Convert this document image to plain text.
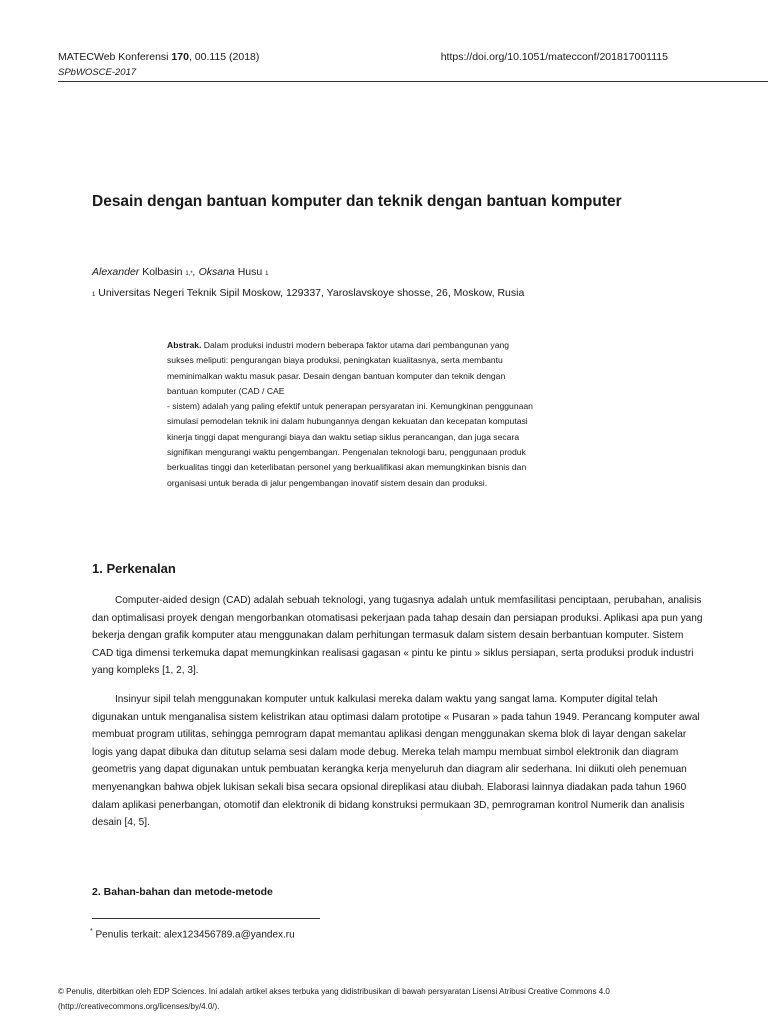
MATECWeb Konferensi 170, 00.115 (2018)	https://doi.org/10.1051/matecconf/201817001115
SPbWOSCE-2017
Desain dengan bantuan komputer dan teknik dengan bantuan komputer
Alexander Kolbasin 1,*, Oksana Husu 1
1 Universitas Negeri Teknik Sipil Moskow, 129337, Yaroslavskoye shosse, 26, Moskow, Rusia

Abstrak. Dalam produksi industri modern beberapa faktor utama dari pembangunan yang

sukses meliputi: pengurangan biaya produksi, peningkatan kualitasnya, serta membantu

meminimalkan waktu masuk pasar. Desain dengan bantuan komputer dan teknik dengan

bantuan komputer (CAD / CAE

- sistem) adalah yang paling efektif untuk penerapan persyaratan ini. Kemungkinan penggunaan

simulasi pemodelan teknik ini dalam hubungannya dengan kekuatan dan kecepatan komputasi

kinerja tinggi dapat mengurangi biaya dan waktu setiap siklus perancangan, dan juga secara

signifikan mengurangi waktu pengembangan. Pengenalan teknologi baru, penggunaan produk

berkualitas tinggi dan keterlibatan personel yang berkualifikasi akan memungkinkan bisnis dan

organisasi untuk berada di jalur pengembangan inovatif sistem desain dan produksi.

1. Perkenalan

Computer-aided design (CAD) adalah sebuah teknologi, yang tugasnya adalah untuk memfasilitasi penciptaan, perubahan, analisis dan optimalisasi proyek dengan mengorbankan otomatisasi pekerjaan pada tahap desain dan persiapan produksi. Aplikasi apa pun yang bekerja dengan grafik komputer atau menggunakan dalam perhitungan termasuk dalam sistem desain berbantuan komputer. Sistem CAD tiga dimensi terkemuka dapat memungkinkan realisasi gagasan « pintu ke pintu » siklus persiapan, serta produksi produk industri yang kompleks [1, 2, 3].

Insinyur sipil telah menggunakan komputer untuk kalkulasi mereka dalam waktu yang sangat lama. Komputer digital telah digunakan untuk menganalisa sistem kelistrikan atau optimasi dalam prototipe « Pusaran » pada tahun 1949. Perancang komputer awal membuat program utilitas, sehingga pemrogram dapat memantau aplikasi dengan menggunakan skema blok di layar dengan sakelar logis yang dapat dibuka dan ditutup selama sesi dalam mode debug. Mereka telah mampu membuat simbol elektronik dan diagram geometris yang dapat digunakan untuk pembuatan kerangka kerja menyeluruh dan diagram alir sederhana. Ini diikuti oleh penemuan menyenangkan bahwa objek lukisan sekali bisa secara opsional direplikasi atau diubah. Elaborasi lainnya diadakan pada tahun 1960 dalam aplikasi penerbangan, otomotif dan elektronik di bidang konstruksi permukaan 3D, pemrograman kontrol Numerik dan analisis desain [4, 5].

2. Bahan-bahan dan metode-metode
* Penulis terkait: alex123456789.a@yandex.ru
© Penulis, diterbitkan oleh EDP Sciences. Ini adalah artikel akses terbuka yang didistribusikan di bawah persyaratan Lisensi Atribusi Creative Commons 4.0
(http://creativecommons.org/licenses/by/4.0/).
